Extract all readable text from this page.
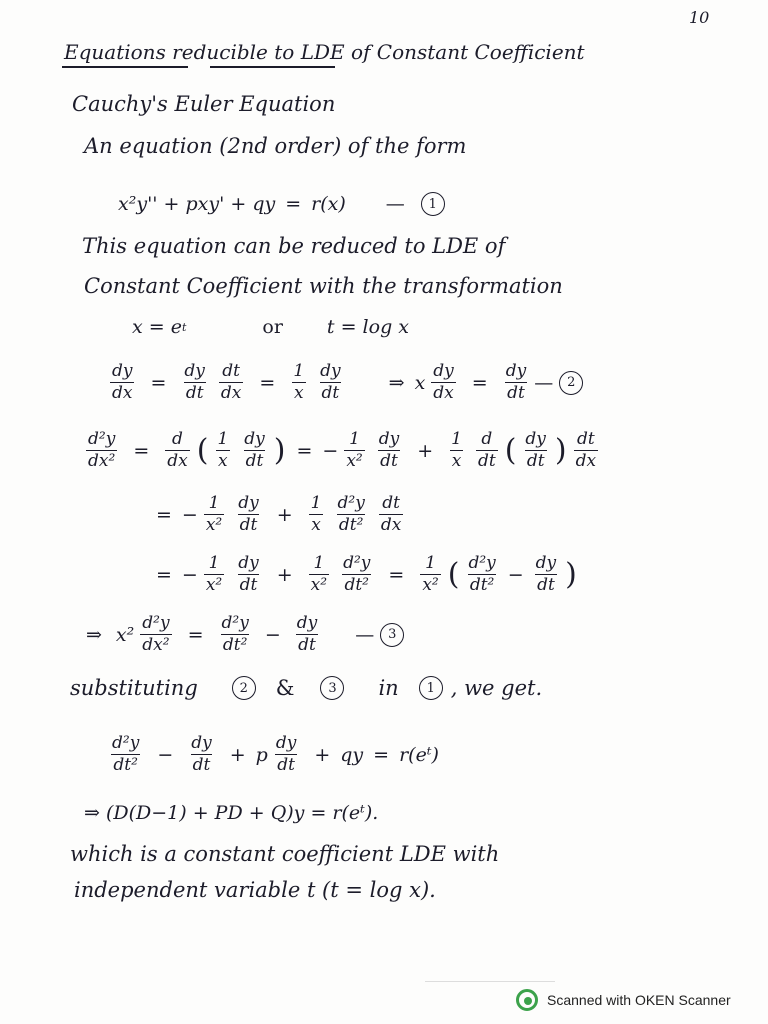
10
Equations reducible to LDE of Constant Coefficient
Cauchy's Euler Equation
An equation (2nd order) of the form
x²y'' + pxy' + qy = r(x) —	1
This equation can be reduced to LDE of
Constant Coefficient with the transformation
x = e t	or t = log x
$\frac{dy}{dx} = \frac{dy}{dt} \frac{dt}{dx} = \frac{1}{x} \frac{dy}{dt}$ ⇒ x $\frac{dy}{dx} = \frac{dy}{dt}$ —	2
$\frac{\text{d²y}}{\text{dx²}} = \frac{d}{dx}$ ( $\frac{1}{x} \frac{dy}{dt}$ ) = − $\frac{1}{\text{x²}} \frac{dy}{dt} + \frac{1}{x} \frac{d}{dt}$ ( $\frac{dy}{dt}$ ) $\frac{dt}{dx}$
= − $\frac{1}{\text{x²}} \frac{dy}{dt} + \frac{1}{x} \frac{\text{d²y}}{\text{dt²}} \frac{dt}{dx}$
= − $\frac{1}{\text{x²}} \frac{dy}{dt} + \frac{1}{\text{x²}} \frac{\text{d²y}}{\text{dt²}} = \frac{1}{\text{x²}}$ ( $\frac{\text{d²y}}{\text{dt²}} - \frac{dy}{dt}$ )
⇒ $x^2 \frac{\text{d²y}}{\text{dx²}} = \frac{\text{d²y}}{\text{dt²}} - \frac{dy}{dt}$ —	3
substituting	2	&	3	in	1 , we get.
$\frac{\text{d²y}}{\text{dt²}} - \frac{dy}{dt} + p \frac{dy}{dt}$ + qy = r(eᵗ)
⇒ (D(D−1) + PD + Q)y = r(eᵗ).
which is a constant coefficient LDE with
independent variable t (t = log x).
Scanned with OKEN Scanner
